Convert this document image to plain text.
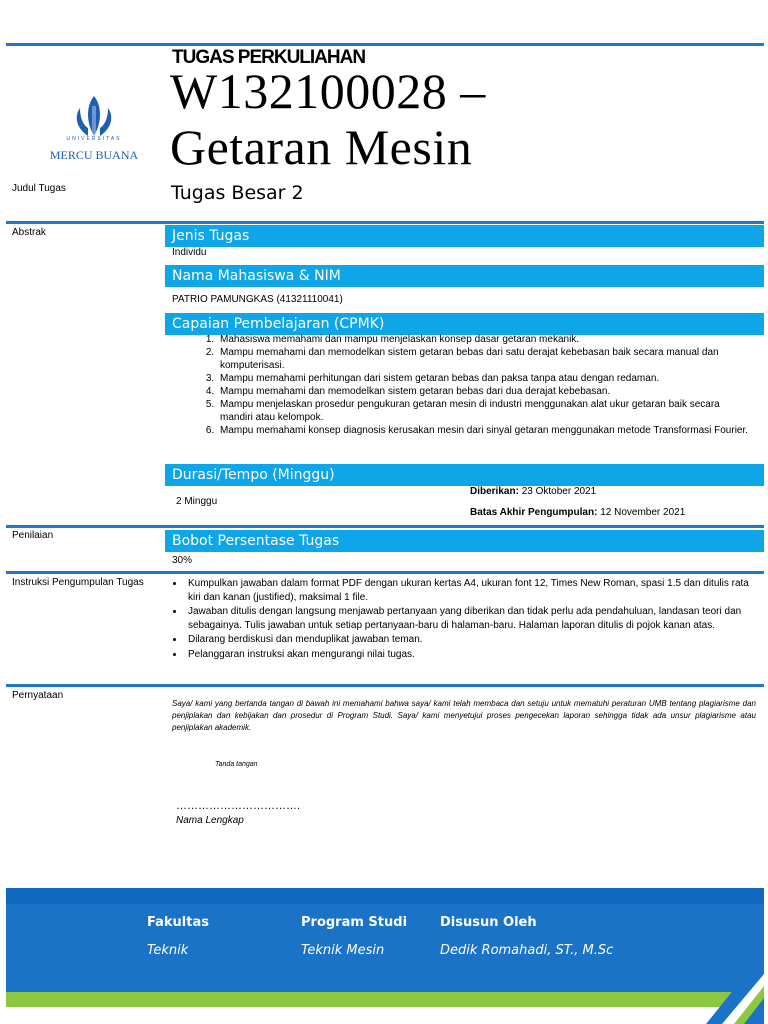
UNIVERSITAS
MERCU BUANA
TUGAS PERKULIAHAN
W132100028 –
Getaran Mesin
Judul Tugas	Tugas Besar 2
Abstrak	Jenis Tugas
Individu
Nama Mahasiswa & NIM
PATRIO PAMUNGKAS (41321110041)
Capaian Pembelajaran (CPMK)
1. Mahasiswa memahami dan mampu menjelaskan konsep dasar getaran mekanik.
2. Mampu memahami dan memodelkan sistem getaran bebas dari satu derajat kebebasan baik secara manual dan komputerisasi.
3. Mampu memahami perhitungan dari sistem getaran bebas dan paksa tanpa atau dengan redaman.
4. Mampu memahami dan memodelkan sistem getaran bebas dari dua derajat kebebasan.
5. Mampu menjelaskan prosedur pengukuran getaran mesin di industri menggunakan alat ukur getaran baik secara mandiri atau kelompok.
6. Mampu memahami konsep diagnosis kerusakan mesin dari sinyal getaran menggunakan metode Transformasi Fourier.
Durasi/Tempo (Minggu)
2 Minggu
Diberikan: 23 Oktober 2021
Batas Akhir Pengumpulan: 12 November 2021
Penilaian	Bobot Persentase Tugas
30%
Instruksi Pengumpulan Tugas
•	Kumpulkan jawaban dalam format PDF dengan ukuran kertas A4, ukuran font 12, Times New Roman, spasi 1.5 dan ditulis rata kiri dan kanan (justified), maksimal 1 file.
• Jawaban ditulis dengan langsung menjawab pertanyaan yang diberikan dan tidak perlu ada pendahuluan, landasan teori dan sebagainya. Tulis jawaban untuk setiap pertanyaan-baru di halaman-baru. Halaman laporan ditulis di pojok kanan atas.
• Dilarang berdiskusi dan menduplikat jawaban teman.
• Pelanggaran instruksi akan mengurangi nilai tugas.
Pernyataan
Saya/ kami yang bertanda tangan di bawah ini memahami bahwa saya/ kami telah membaca dan setuju untuk mematuhi peraturan UMB tentang plagiarisme dan penjiplakan dan kebijakan dan prosedur di Program Studi. Saya/ kami menyetujui proses pengecekan laporan sehingga tidak ada unsur plagiarisme atau penjiplakan akademik.
Tanda tangan
…………………………….
Nama Lengkap
Fakultas
Teknik
Program Studi
Teknik Mesin
Disusun Oleh
Dedik Romahadi, ST., M.Sc
